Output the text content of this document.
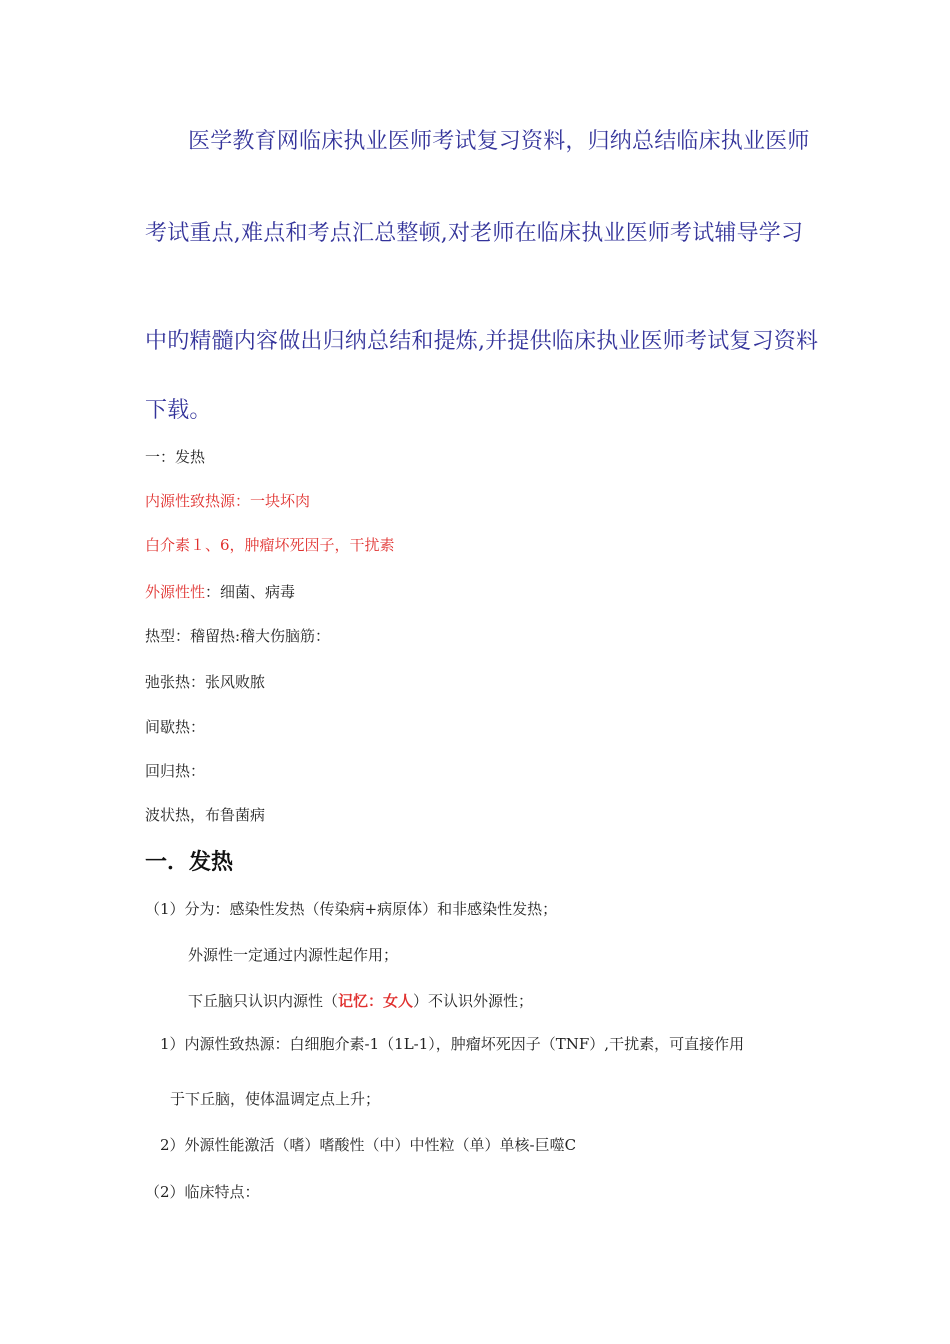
医学教育网临床执业医师考试复习资料，归纳总结临床执业医师
考试重点,难点和考点汇总整顿,对老师在临床执业医师考试辅导学习
中旳精髓内容做出归纳总结和提炼,并提供临床执业医师考试复习资料
下载。
一：发热
内源性致热源：一块坏肉
白介素１、6，肿瘤坏死因子，干扰素
外源性性：细菌、病毒
热型：稽留热:稽大伤脑筋：
弛张热：张风败脓
间歇热：
回归热：
波状热，布鲁菌病
一．发热
（1）分为：感染性发热（传染病+病原体）和非感染性发热；
外源性一定通过内源性起作用；
下丘脑只认识内源性（记忆：女人）不认识外源性；
1）内源性致热源：白细胞介素-1（1L-1），肿瘤坏死因子（TNF）,干扰素，可直接作用
于下丘脑，使体温调定点上升；
2）外源性能激活（嗜）嗜酸性（中）中性粒（单）单核-巨噬C
（2）临床特点：
